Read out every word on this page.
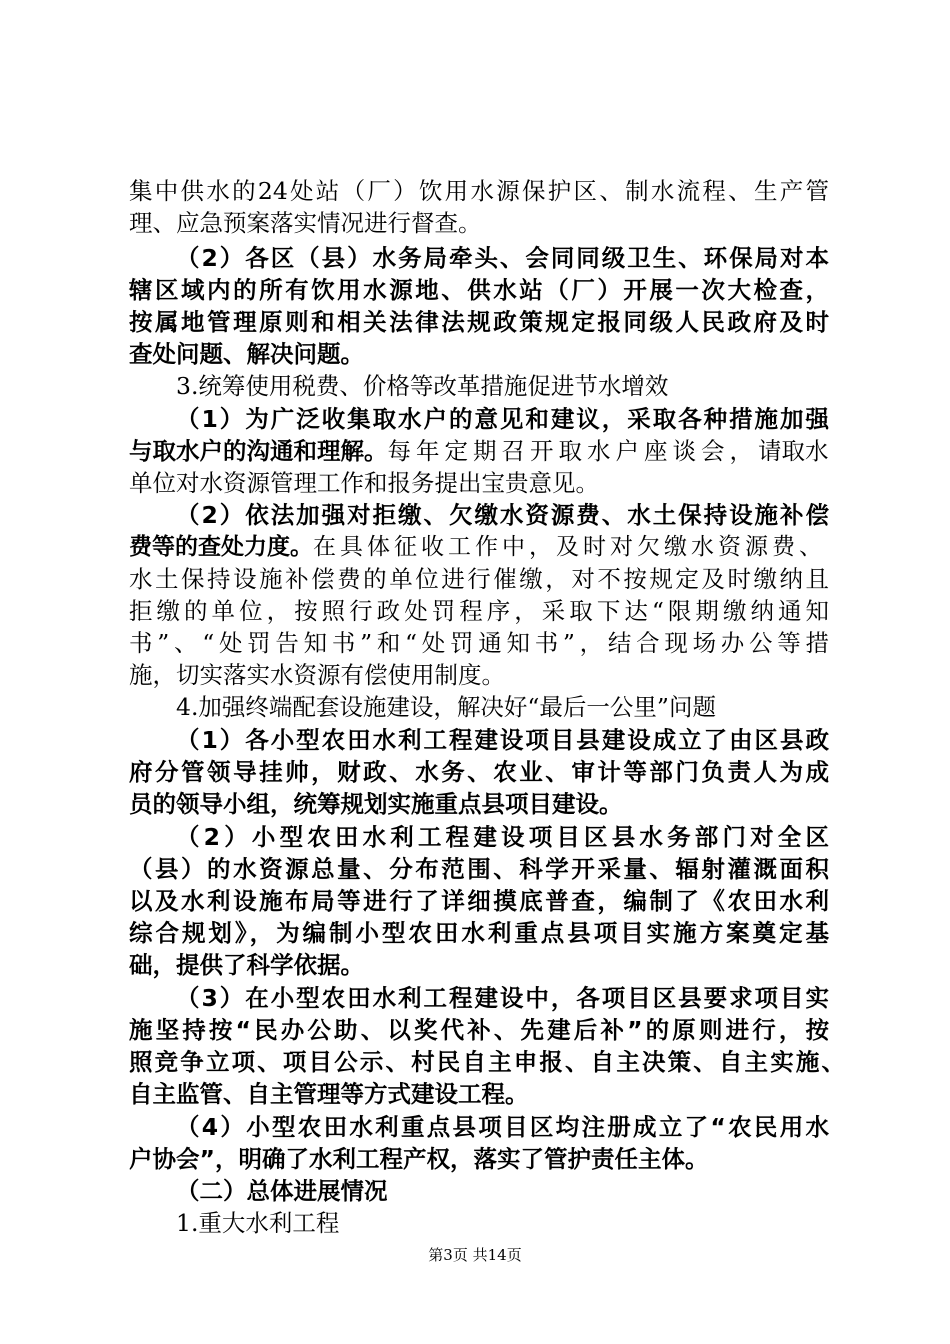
集中供水的24处站（厂）饮用水源保护区、制水流程、生产管
理、应急预案落实情况进行督查。
（2）各区（县）水务局牵头、会同同级卫生、环保局对本
辖区域内的所有饮用水源地、供水站（厂）开展一次大检查，
按属地管理原则和相关法律法规政策规定报同级人民政府及时
查处问题、解决问题。
3.统筹使用税费、价格等改革措施促进节水增效
（1）为广泛收集取水户的意见和建议，采取各种措施加强
与取水户的沟通和理解。 每年定期召开取水户座谈会， 请取水
单位对水资源管理工作和报务提出宝贵意见。
（2）依法加强对拒缴、欠缴水资源费、水土保持设施补偿
费等的查处力度。 在具体征收工作中，及时对欠缴水资源费、
水土保持设施补偿费的单位进行催缴，对不按规定及时缴纳且
拒缴的单位，按照行政处罚程序，采取下达“限期缴纳通知
书”、“处罚告知书”和“处罚通知书”，结合现场办公等措
施，切实落实水资源有偿使用制度。
4.加强终端配套设施建设，解决好“最后一公里”问题
（1）各小型农田水利工程建设项目县建设成立了由区县政
府分管领导挂帅，财政、水务、农业、审计等部门负责人为成
员的领导小组，统筹规划实施重点县项目建设。
（2）小型农田水利工程建设项目区县水务部门对全区
（县）的水资源总量、分布范围、科学开采量、辐射灌溉面积
以及水利设施布局等进行了详细摸底普查，编制了《农田水利
综合规划》，为编制小型农田水利重点县项目实施方案奠定基
础，提供了科学依据。
（3）在小型农田水利工程建设中，各项目区县要求项目实
施坚持按“民办公助、以奖代补、先建后补”的原则进行，按
照竞争立项、项目公示、村民自主申报、自主决策、自主实施、
自主监管、自主管理等方式建设工程。
（4）小型农田水利重点县项目区均注册成立了“农民用水
户协会”，明确了水利工程产权，落实了管护责任主体。
（二）总体进展情况
1.重大水利工程
第3页 共14页
